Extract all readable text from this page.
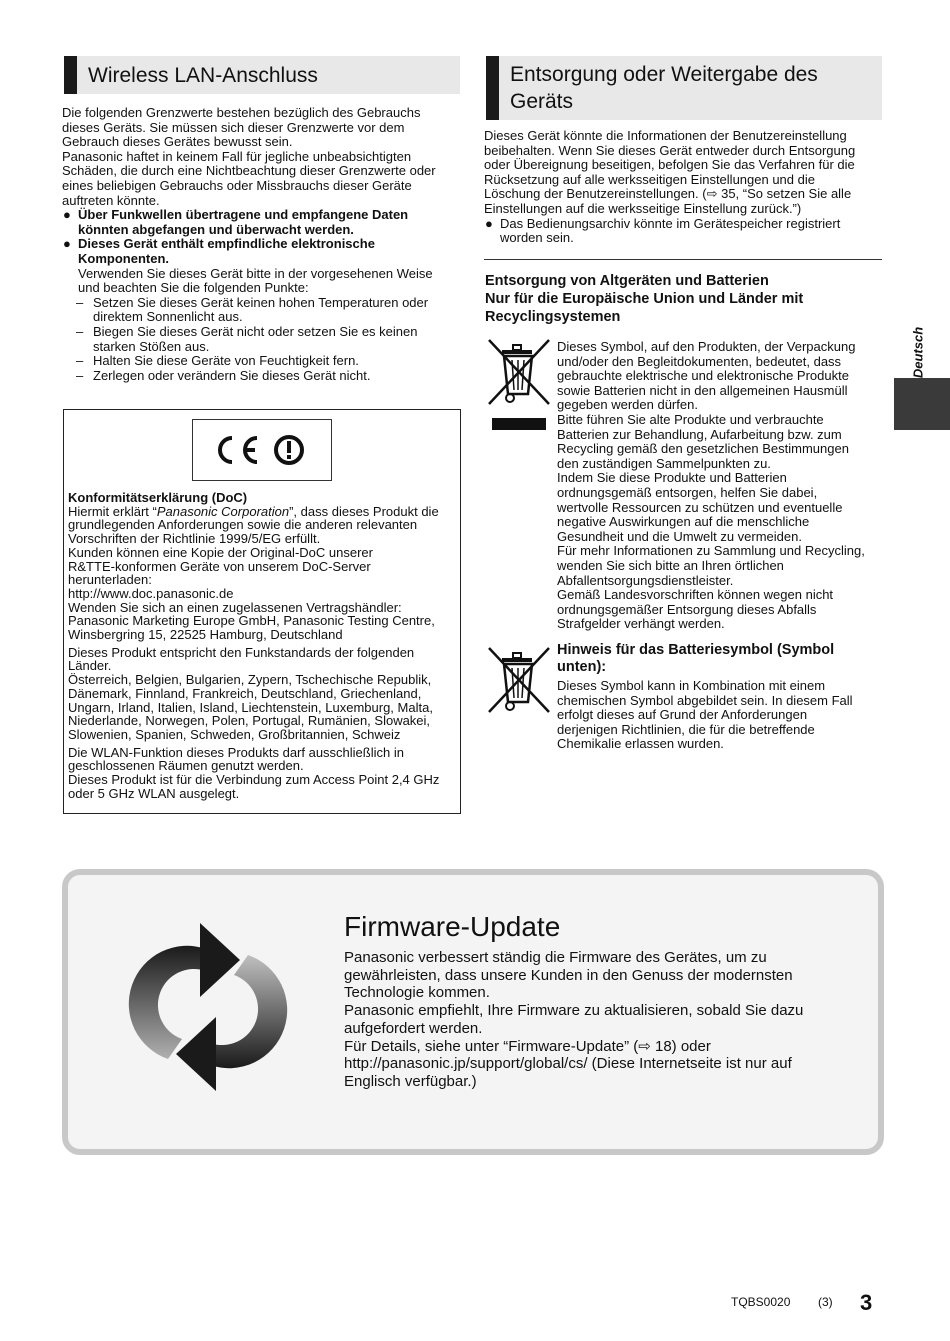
Wireless LAN-Anschluss

Die folgenden Grenzwerte bestehen bezüglich des Gebrauchs

dieses Geräts. Sie müssen sich dieser Grenzwerte vor dem

Gebrauch dieses Gerätes bewusst sein.

Panasonic haftet in keinem Fall für jegliche unbeabsichtigten

Schäden, die durch eine Nichtbeachtung dieser Grenzwerte oder

eines beliebigen Gebrauchs oder Missbrauchs dieser Geräte

auftreten könnte.

● Über Funkwellen übertragene und empfangene Daten

könnten abgefangen und überwacht werden.

● Dieses Gerät enthält empfindliche elektronische

Komponenten.

Verwenden Sie dieses Gerät bitte in der vorgesehenen Weise

und beachten Sie die folgenden Punkte:

– Setzen Sie dieses Gerät keinen hohen Temperaturen oder

direktem Sonnenlicht aus.

– Biegen Sie dieses Gerät nicht oder setzen Sie es keinen

starken Stößen aus.

– Halten Sie diese Geräte von Feuchtigkeit fern.

– Zerlegen oder verändern Sie dieses Gerät nicht.

Konformitätserklärung (DoC)

Hiermit erklärt “Panasonic Corporation”, dass dieses Produkt die

grundlegenden Anforderungen sowie die anderen relevanten

Vorschriften der Richtlinie 1999/5/EG erfüllt.

Kunden können eine Kopie der Original-DoC unserer

R&TTE-konformen Geräte von unserem DoC-Server

herunterladen:

http://www.doc.panasonic.de

Wenden Sie sich an einen zugelassenen Vertragshändler:

Panasonic Marketing Europe GmbH, Panasonic Testing Centre,

Winsbergring 15, 22525 Hamburg, Deutschland

Dieses Produkt entspricht den Funkstandards der folgenden

Länder.

Österreich, Belgien, Bulgarien, Zypern, Tschechische Republik,

Dänemark, Finnland, Frankreich, Deutschland, Griechenland,

Ungarn, Irland, Italien, Island, Liechtenstein, Luxemburg, Malta,

Niederlande, Norwegen, Polen, Portugal, Rumänien, Slowakei,

Slowenien, Spanien, Schweden, Großbritannien, Schweiz

Die WLAN-Funktion dieses Produkts darf ausschließlich in

geschlossenen Räumen genutzt werden.

Dieses Produkt ist für die Verbindung zum Access Point 2,4 GHz

oder 5 GHz WLAN ausgelegt.

Entsorgung oder Weitergabe des
Geräts

Dieses Gerät könnte die Informationen der Benutzereinstellung

beibehalten. Wenn Sie dieses Gerät entweder durch Entsorgung

oder Übereignung beseitigen, befolgen Sie das Verfahren für die

Rücksetzung auf alle werksseitigen Einstellungen und die

Löschung der Benutzereinstellungen. (⇨ 35, “So setzen Sie alle

Einstellungen auf die werksseitige Einstellung zurück.”)

● Das Bedienungsarchiv könnte im Gerätespeicher registriert

worden sein.

Entsorgung von Altgeräten und Batterien
Nur für die Europäische Union und Länder mit
Recyclingsystemen

Dieses Symbol, auf den Produkten, der Verpackung

und/oder den Begleitdokumenten, bedeutet, dass

gebrauchte elektrische und elektronische Produkte

sowie Batterien nicht in den allgemeinen Hausmüll

gegeben werden dürfen.

Bitte führen Sie alte Produkte und verbrauchte

Batterien zur Behandlung, Aufarbeitung bzw. zum

Recycling gemäß den gesetzlichen Bestimmungen

den zuständigen Sammelpunkten zu.

Indem Sie diese Produkte und Batterien

ordnungsgemäß entsorgen, helfen Sie dabei,

wertvolle Ressourcen zu schützen und eventuelle

negative Auswirkungen auf die menschliche

Gesundheit und die Umwelt zu vermeiden.

Für mehr Informationen zu Sammlung und Recycling,

wenden Sie sich bitte an Ihren örtlichen

Abfallentsorgungsdienstleister.

Gemäß Landesvorschriften können wegen nicht

ordnungsgemäßer Entsorgung dieses Abfalls

Strafgelder verhängt werden.

Hinweis für das Batteriesymbol (Symbol
unten):

Dieses Symbol kann in Kombination mit einem

chemischen Symbol abgebildet sein. In diesem Fall

erfolgt dieses auf Grund der Anforderungen

derjenigen Richtlinien, die für die betreffende

Chemikalie erlassen wurden.

Deutsch
Firmware-Update
Panasonic verbessert ständig die Firmware des Gerätes, um zu
gewährleisten, dass unsere Kunden in den Genuss der modernsten
Technologie kommen.
Panasonic empfiehlt, Ihre Firmware zu aktualisieren, sobald Sie dazu
aufgefordert werden.
Für Details, siehe unter “Firmware-Update” (⇨ 18) oder
http://panasonic.jp/support/global/cs/ (Diese Internetseite ist nur auf
Englisch verfügbar.)
TQBS0020 (3) 3
